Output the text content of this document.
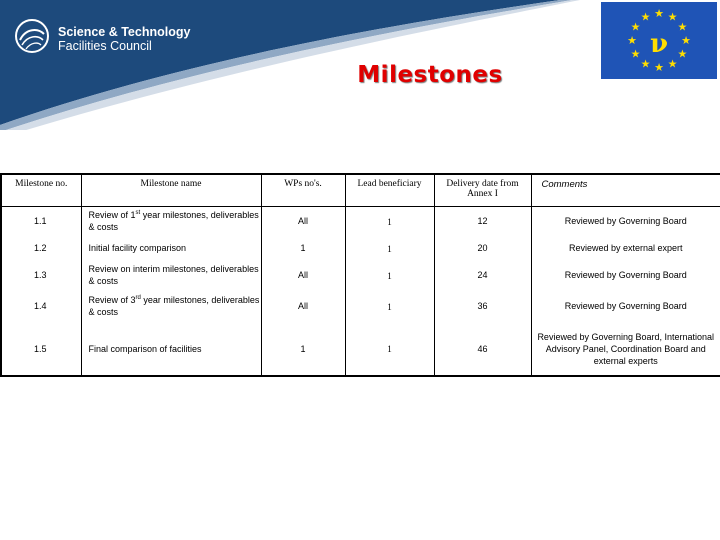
Science & Technology
Facilities Council	ν
★ ★
★
★
★
★
★
★
★
★
★
★
Milestones
Milestone no.	Milestone name	WPs no's.	Lead beneficiary	Delivery date from Annex I	Comments
1.1	Review of 1st year milestones, deliverables & costs	All	1	12	Reviewed by Governing Board
1.2	Initial facility comparison	1	1	20	Reviewed by external expert
1.3	Review on interim milestones, deliverables & costs	All	1	24	Reviewed by Governing Board
1.4	Review of 3rd year milestones, deliverables & costs	All	1	36	Reviewed by Governing Board
1.5	Final comparison of facilities	1	1	46	Reviewed by Governing Board, International Advisory Panel, Coordination Board and external experts
